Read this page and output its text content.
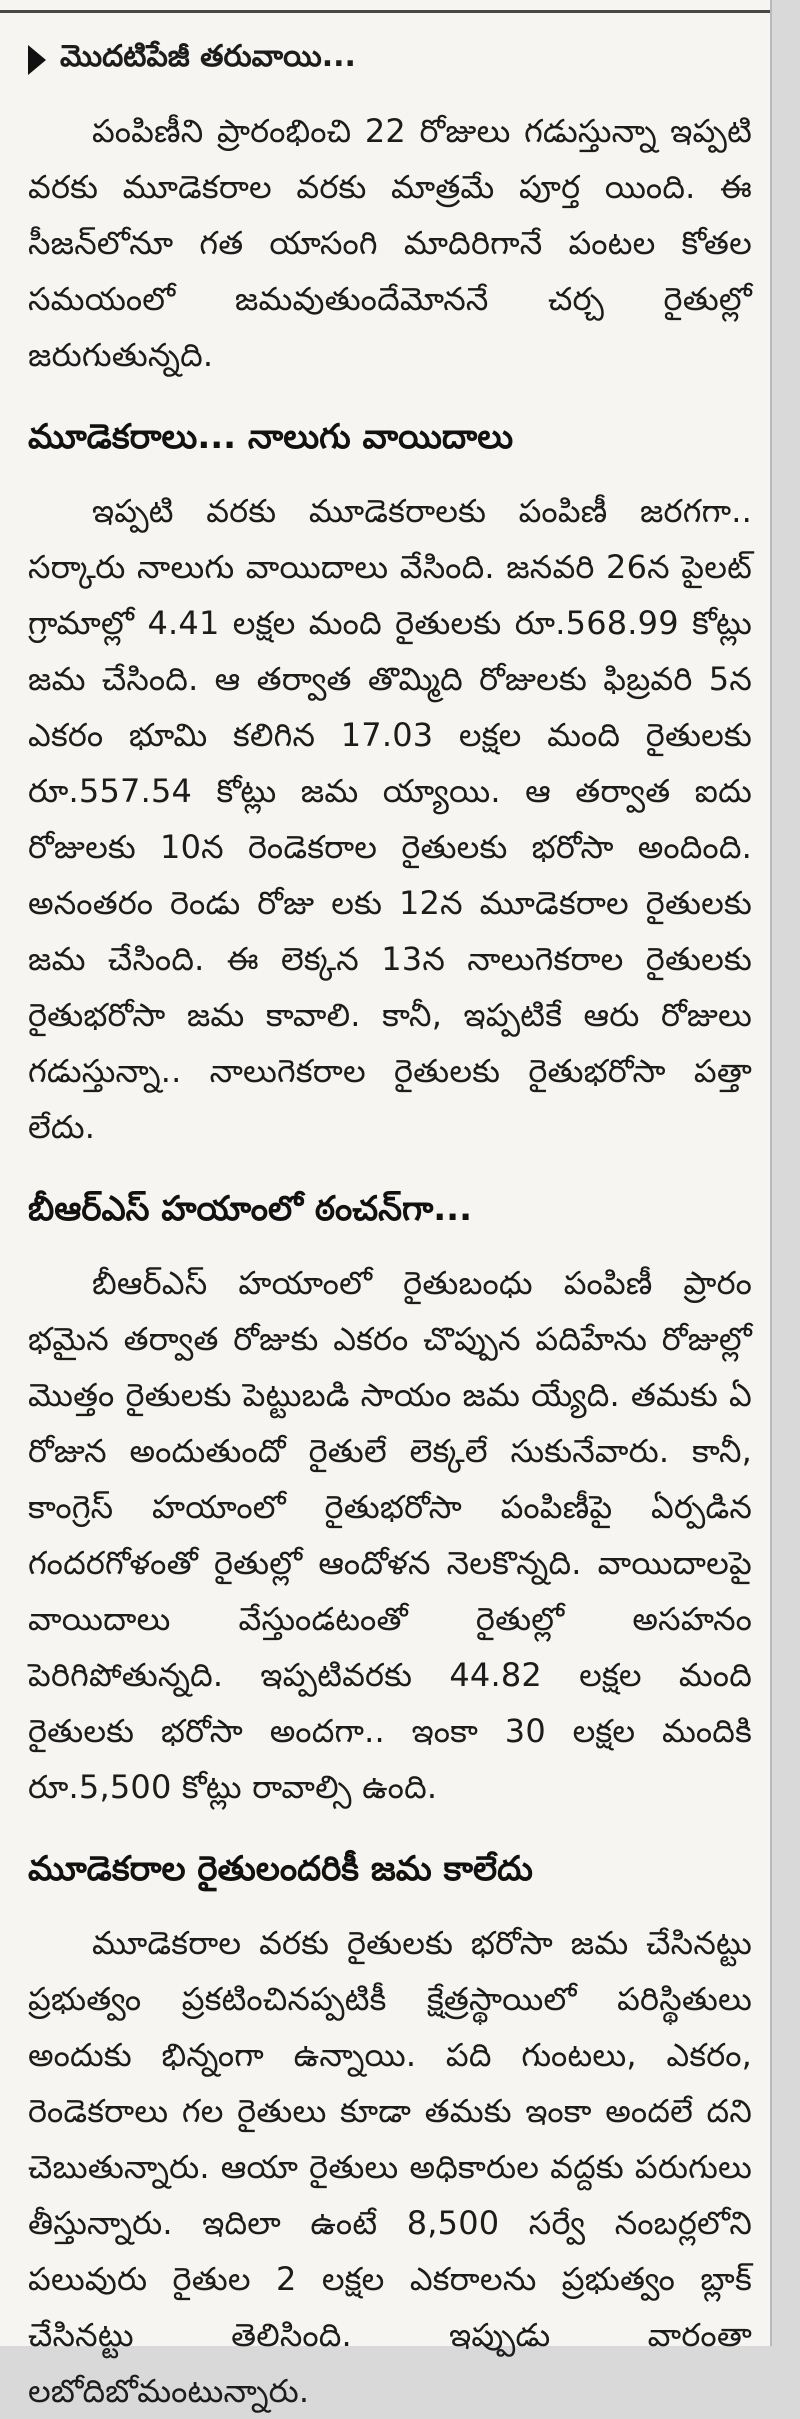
మొదటిపేజీ తరువాయి...

పంపిణీని ప్రారంభించి 22 రోజులు గడుస్తున్నా ఇప్పటి వరకు మూడెకరాల వరకు మాత్రమే పూర్త యింది. ఈ సీజన్‌లోనూ గత యాసంగి మాదిరిగానే పంటల కోతల సమయంలో జమవుతుందేమోననే చర్చ రైతుల్లో జరుగుతున్నది.

మూడెకరాలు... నాలుగు వాయిదాలు

ఇప్పటి వరకు మూడెకరాలకు పంపిణీ జరగగా.. సర్కారు నాలుగు వాయిదాలు వేసింది. జనవరి 26న పైలట్ గ్రామాల్లో 4.41 లక్షల మంది రైతులకు రూ.568.99 కోట్లు జమ చేసింది. ఆ తర్వాత తొమ్మిది రోజులకు ఫిబ్రవరి 5న ఎకరం భూమి కలిగిన 17.03 లక్షల మంది రైతులకు రూ.557.54 కోట్లు జమ య్యాయి. ఆ తర్వాత ఐదు రోజులకు 10న రెండెకరాల రైతులకు భరోసా అందింది. అనంతరం రెండు రోజు లకు 12న మూడెకరాల రైతులకు జమ చేసింది. ఈ లెక్కన 13న నాలుగెకరాల రైతులకు రైతుభరోసా జమ కావాలి. కానీ, ఇప్పటికే ఆరు రోజులు గడుస్తున్నా.. నాలుగెకరాల రైతులకు రైతుభరోసా పత్తా లేదు.

బీఆర్ఎస్ హయాంలో ఠంచన్‌గా...

బీఆర్ఎస్ హయాంలో రైతుబంధు పంపిణీ ప్రారం భమైన తర్వాత రోజుకు ఎకరం చొప్పున పదిహేను రోజుల్లో మొత్తం రైతులకు పెట్టుబడి సాయం జమ య్యేది. తమకు ఏ రోజున అందుతుందో రైతులే లెక్కలే సుకునేవారు. కానీ, కాంగ్రెస్ హయాంలో రైతుభరోసా పంపిణీపై ఏర్పడిన గందరగోళంతో రైతుల్లో ఆందోళన నెలకొన్నది. వాయిదాలపై వాయిదాలు వేస్తుండటంతో రైతుల్లో అసహనం పెరిగిపోతున్నది. ఇప్పటివరకు 44.82 లక్షల మంది రైతులకు భరోసా అందగా.. ఇంకా 30 లక్షల మందికి రూ.5,500 కోట్లు రావాల్సి ఉంది.

మూడెకరాల రైతులందరికీ జమ కాలేదు

మూడెకరాల వరకు రైతులకు భరోసా జమ చేసినట్టు ప్రభుత్వం ప్రకటించినప్పటికీ క్షేత్రస్థాయిలో పరిస్థితులు అందుకు భిన్నంగా ఉన్నాయి. పది గుంటలు, ఎకరం, రెండెకరాలు గల రైతులు కూడా తమకు ఇంకా అందలే దని చెబుతున్నారు. ఆయా రైతులు అధికారుల వద్దకు పరుగులు తీస్తున్నారు. ఇదిలా ఉంటే 8,500 సర్వే నంబర్లలోని పలువురు రైతుల 2 లక్షల ఎకరాలను ప్రభుత్వం బ్లాక్ చేసినట్టు తెలిసింది. ఇప్పుడు వారంతా లబోదిబోమంటున్నారు.
